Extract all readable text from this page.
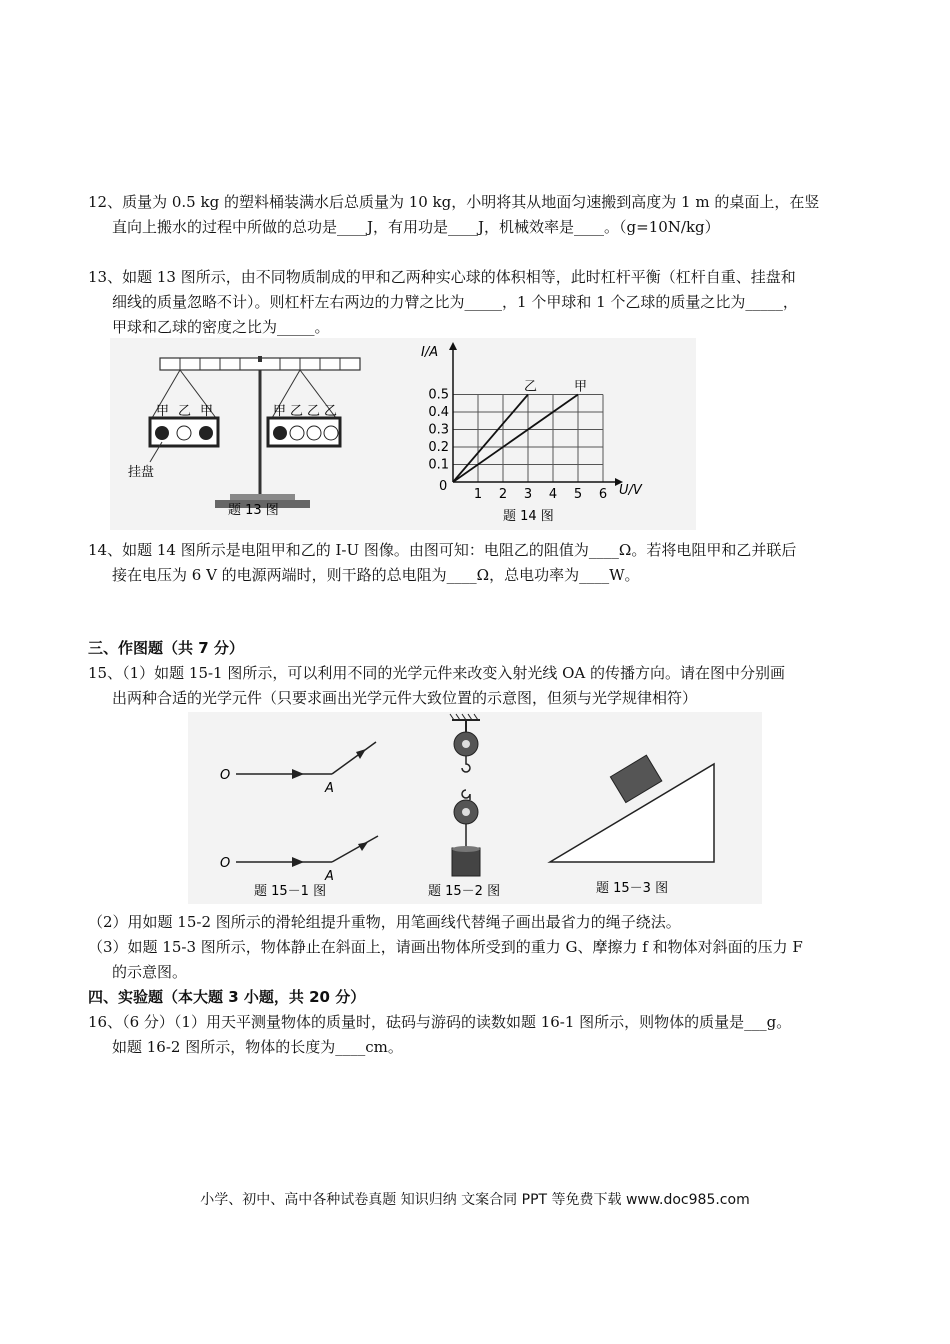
12、质量为 0.5 kg 的塑料桶装满水后总质量为 10 kg，小明将其从地面匀速搬到高度为 1 m 的桌面上，在竖
直向上搬水的过程中所做的总功是____J，有用功是____J，机械效率是____。（g=10N/kg）
13、如题 13 图所示，由不同物质制成的甲和乙两种实心球的体积相等，此时杠杆平衡（杠杆自重、挂盘和
细线的质量忽略不计）。则杠杆左右两边的力臂之比为_____，1 个甲球和 1 个乙球的质量之比为_____，
甲球和乙球的密度之比为_____。
甲 乙 甲	甲 乙 乙 乙
挂盘
题 13 图
0.1
0.2
0.3
0.4
0.5
1 2 3 4 5 6
I/A
U/V
0
乙	甲
题 14 图
14、如题 14 图所示是电阻甲和乙的 I-U 图像。由图可知：电阻乙的阻值为____Ω。若将电阻甲和乙并联后
接在电压为 6 V 的电源两端时，则干路的总电阻为____Ω，总电功率为____W。
三、作图题（共 7 分）
15、（1）如题 15-1 图所示，可以利用不同的光学元件来改变入射光线 OA 的传播方向。请在图中分别画
出两种合适的光学元件（只要求画出光学元件大致位置的示意图，但须与光学规律相符）
O
A
O
A
题 15－1 图	题 15－2 图	题 15－3 图
（2）用如题 15-2 图所示的滑轮组提升重物，用笔画线代替绳子画出最省力的绳子绕法。
（3）如题 15-3 图所示，物体静止在斜面上，请画出物体所受到的重力 G、摩擦力 f 和物体对斜面的压力 F
的示意图。
四、实验题（本大题 3 小题，共 20 分）
16、（6 分）（1）用天平测量物体的质量时，砝码与游码的读数如题 16-1 图所示，则物体的质量是___g。
如题 16-2 图所示，物体的长度为____cm。
小学、初中、高中各种试卷真题 知识归纳 文案合同 PPT 等免费下载 www.doc985.com
